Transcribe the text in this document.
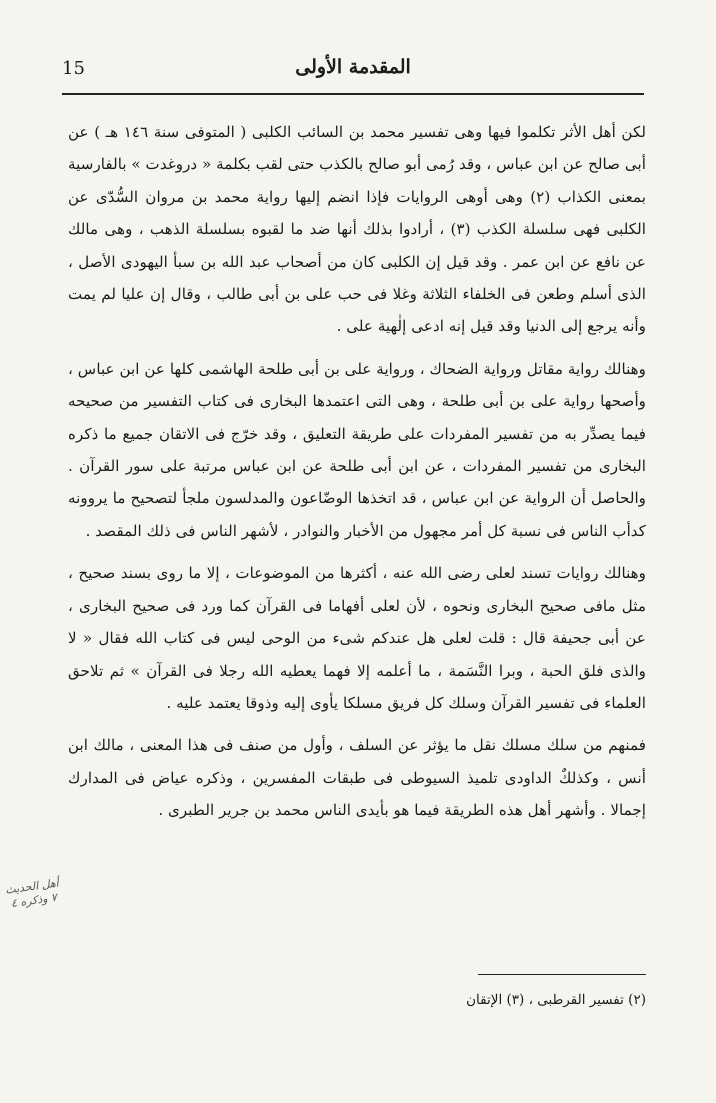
المقدمة الأولى
15

لكن أهل الأثر تكلموا فيها وهى تفسير محمد بن السائب الكلبى ( المتوفى سنة ١٤٦ هـ ) عن أبى صالح عن ابن عباس ، وقد رُمى أبو صالح بالكذب حتى لقب بكلمة « دروغدت » بالفارسية بمعنى الكذاب (٢) وهى أوهى الروايات فإذا انضم إليها رواية محمد بن مروان السُّدّى عن الكلبى فهى سلسلة الكذب (٣) ، أرادوا بذلك أنها ضد ما لقبوه بسلسلة الذهب ، وهى مالك عن نافع عن ابن عمر . وقد قيل إن الكلبى كان من أصحاب عبد الله بن سبأ اليهودى الأصل ، الذى أسلم وطعن فى الخلفاء الثلاثة وغلا فى حب على بن أبى طالب ، وقال إن عليا لم يمت وأنه يرجع إلى الدنيا وقد قيل إنه ادعى إلٰهية على .

وهنالك رواية مقاتل ورواية الضحاك ، ورواية على بن أبى طلحة الهاشمى كلها عن ابن عباس ، وأصحها رواية على بن أبى طلحة ، وهى التى اعتمدها البخارى فى كتاب التفسير من صحيحه فيما يصدِّر به من تفسير المفردات على طريقة التعليق ، وقد خرّج فى الاتقان جميع ما ذكره البخارى من تفسير المفردات ، عن ابن أبى طلحة عن ابن عباس مرتبة على سور القرآن . والحاصل أن الرواية عن ابن عباس ، قد اتخذها الوضّاعون والمدلسون ملجأ لتصحيح ما يروونه كدأب الناس فى نسبة كل أمر مجهول من الأخبار والنوادر ، لأشهر الناس فى ذلك المقصد .

وهنالك روايات تسند لعلى رضى الله عنه ، أكثرها من الموضوعات ، إلا ما روى بسند صحيح ، مثل مافى صحيح البخارى ونحوه ، لأن لعلى أفهاما فى القرآن كما ورد فى صحيح البخارى ، عن أبى جحيفة قال : قلت لعلى هل عندكم شىء من الوحى ليس فى كتاب الله فقال « لا والذى فلق الحبة ، وبرا النَّسَمة ، ما أعلمه إلا فهما يعطيه الله رجلا فى القرآن » ثم تلاحق العلماء فى تفسير القرآن وسلك كل فريق مسلكا يأوى إليه وذوقا يعتمد عليه .

فمنهم من سلك مسلك نقل ما يؤثر عن السلف ، وأول من صنف فى هذا المعنى ، مالك ابن أنس ، وكذلكٌ الداودى تلميذ السيوطى فى طبقات المفسرين ، وذكره عياض فى المدارك إجمالا . وأشهر أهل هذه الطريقة فيما هو بأيدى الناس محمد بن جرير الطبرى .

أهل الحديث ۷ وذكره ٤
(٢) تفسير القرطبى ، (٣) الإتقان
